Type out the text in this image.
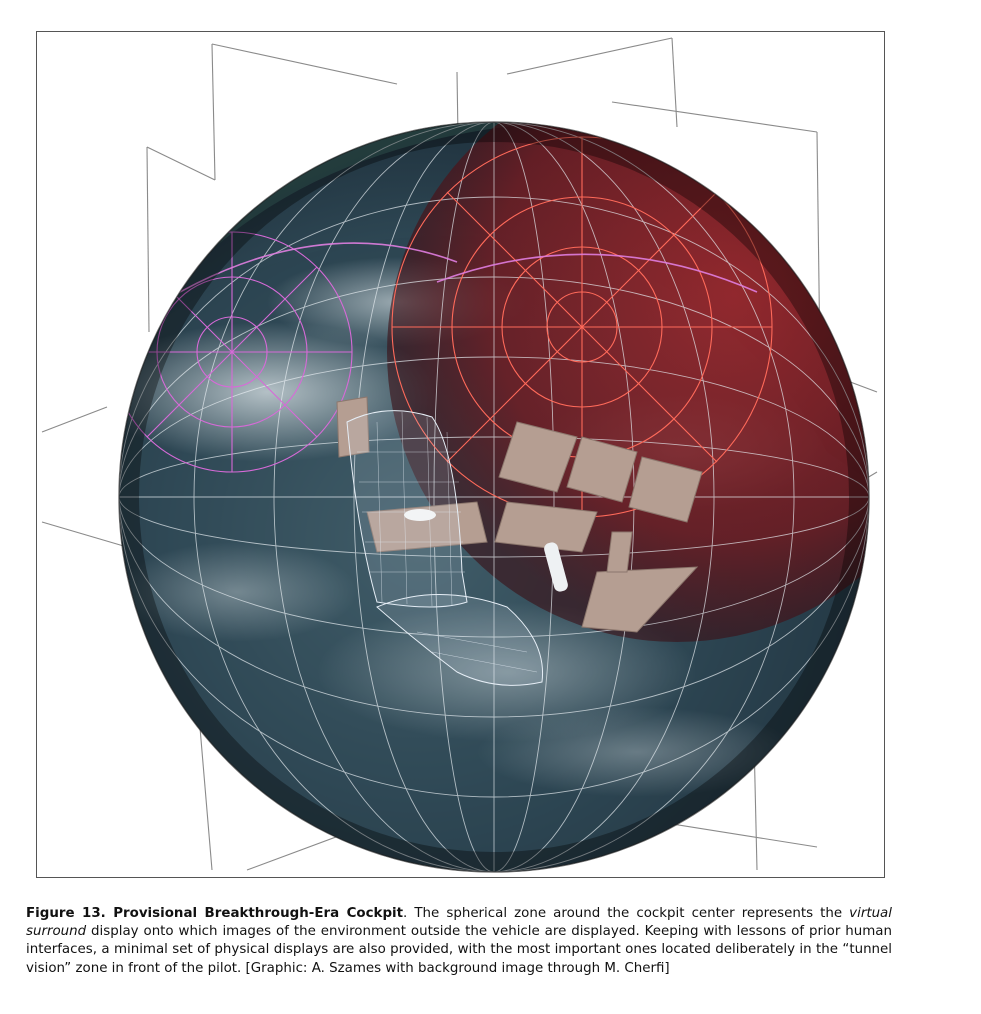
Figure 13. Provisional Breakthrough-Era Cockpit. The spherical zone around the cockpit center represents the virtual surround display onto which images of the environment outside the vehicle are displayed. Keeping with lessons of prior human interfaces, a minimal set of physical displays are also provided, with the most important ones located deliberately in the “tunnel vision” zone in front of the pilot. [Graphic: A. Szames with background image through M. Cherfi]
